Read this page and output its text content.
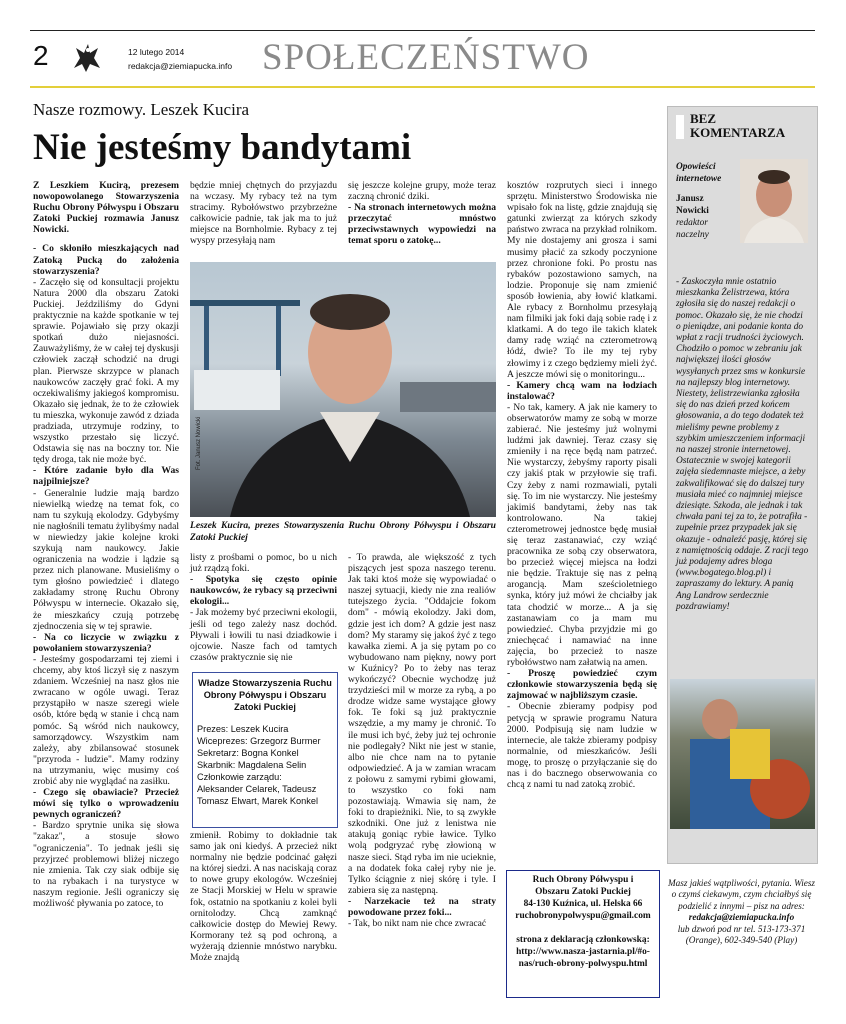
2	12 lutego 2014
redakcja@ziemiapucka.info SPOŁECZEŃSTWO
Nasze rozmowy. Leszek Kucira
Nie jesteśmy bandytami

Z Leszkiem Kucirą, prezesem nowopowolanego Stowarzyszenia Ruchu Obrony Półwyspu i Obszaru Zatoki Puckiej rozmawia Janusz Nowicki.

- Co skłoniło mieszkających nad Zatoką Pucką do założenia stowarzyszenia?

- Zaczęło się od konsultacji projektu Natura 2000 dla obszaru Zatoki Puckiej. Jeździliśmy do Gdyni praktycznie na każde spotkanie w tej sprawie. Pojawiało się przy okazji spotkań dużo niejasności. Zauważyliśmy, że w całej tej dyskusji człowiek zaczął schodzić na drugi plan. Pierwsze skrzypce w planach naukowców zaczęły grać foki. A my oczekiwaliśmy jakiegoś kompromisu. Okazało się jednak, że to że człowiek tu mieszka, wykonuje zawód z dziada pradziada, utrzymuje rodziny, to wszystko przestało się liczyć. Odstawia się nas na boczny tor. Nie tędy droga, tak nie może być.

- Które zadanie było dla Was najpilniejsze?

- Generalnie ludzie mają bardzo niewielką wiedzę na temat fok, co nam tu szykują ekolodzy. Gdybyśmy nie nagłośnili tematu żylibyśmy nadal w niewiedzy jakie kolejne kroki szykują nam naukowcy. Jakie ograniczenia na wodzie i lądzie są przez nich planowane. Musieliśmy o tym głośno powiedzieć i dlatego zakładamy stronę Ruchu Obrony Półwyspu w internecie. Okazało się, że mieszkańcy czują potrzebę zjednoczenia się w tej sprawie.

- Na co liczycie w związku z powołaniem stowarzyszenia?

- Jesteśmy gospodarzami tej ziemi i chcemy, aby ktoś liczył się z naszym zdaniem. Wcześniej na nasz głos nie zwracano w ogóle uwagi. Teraz przystąpiło w nasze szeregi wiele osób, które będą w stanie i chcą nam pomóc. Są wśród nich naukowcy, samorządowcy. Wszystkim nam zależy, aby zbilansować stosunek "przyroda - ludzie". Mamy rodziny na utrzymaniu, więc musimy coś zrobić aby nie wyglądać na zasiłku.

- Czego się obawiacie? Przecież mówi się tylko o wprowadzeniu pewnych ograniczeń?

- Bardzo sprytnie unika się słowa "zakaz", a stosuje słowo "ograniczenia". To jednak jeśli się przyjrzeć problemowi bliżej niczego nie zmienia. Tak czy siak odbije się to na rybakach i na turystyce w naszym regionie. Jeśli ograniczy się możliwość pływania po zatoce, to

będzie mniej chętnych do przyjazdu na wczasy. My rybacy też na tym stracimy. Rybołówstwo przybrzeżne całkowicie padnie, tak jak ma to już miejsce na Bornholmie. Rybacy z tej wyspy przesyłają nam

się jeszcze kolejne grupy, może teraz zaczną chronić dziki.

- Na stronach internetowych można przeczytać mnóstwo przeciwstawnych wypowiedzi na temat sporu o zatokę...

Fot. Janusz Nowicki
Leszek Kucira, prezes Stowarzyszenia Ruchu Obrony Półwyspu i Obszaru Zatoki Puckiej

listy z prośbami o pomoc, bo u nich już rządzą foki.

- Spotyka się często opinie naukowców, że rybacy są przeciwni ekologii...

- Jak możemy być przeciwni ekologii, jeśli od tego zależy nasz dochód. Pływali i łowili tu nasi dziadkowie i ojcowie. Nasze fach od tamtych czasów praktycznie się nie

Władze Stowarzyszenia Ruchu Obrony Półwyspu i Obszaru Zatoki Puckiej
Prezes: Leszek Kucira
Wiceprezes: Grzegorz Burmer
Sekretarz: Bogna Konkel
Skarbnik: Magdalena Selin
Członkowie zarządu:
Aleksander Celarek, Tadeusz
Tomasz Elwart, Marek Konkel

zmienił. Robimy to dokładnie tak samo jak oni kiedyś. A przecież nikt normalny nie będzie podcinać gałęzi na której siedzi. A nas naciskają coraz to nowe grupy ekologów. Wcześniej ze Stacji Morskiej w Helu w sprawie fok, ostatnio na spotkaniu z kolei byli ornitolodzy. Chcą zamknąć całkowicie dostęp do Mewiej Rewy. Kormorany też są pod ochroną, a wyżerają dziennie mnóstwo narybku. Może znajdą

- To prawda, ale większość z tych piszących jest spoza naszego terenu. Jak taki ktoś może się wypowiadać o naszej sytuacji, kiedy nie zna realiów tutejszego życia. "Oddajcie fokom dom" - mówią ekolodzy. Jaki dom, gdzie jest ich dom? A gdzie jest nasz dom? My staramy się jakoś żyć z tego kawałka ziemi. A ja się pytam po co wybudowano nam piękny, nowy port w Kuźnicy? Po to żeby nas teraz wykończyć? Obecnie wychodzę już trzydzieści mil w morze za rybą, a po drodze widze same wystające głowy fok. Te foki są już praktycznie wszędzie, a my mamy je chronić. To ile musi ich być, żeby już tej ochronie nie podlegały? Nikt nie jest w stanie, albo nie chce nam na to pytanie odpowiedzieć. A ja w zamian wracam z połowu z samymi rybimi głowami, to wszystko co foki nam pozostawiają. Wmawia się nam, że foki to drapieżniki. Nie, to są zwykłe szkodniki. One już z lenistwa nie atakują goniąc rybie ławice. Tylko wolą podgryzać rybę złowioną w nasze sieci. Stąd ryba im nie ucieknie, a na dodatek foka całej ryby nie je. Tylko ściągnie z niej skórę i tyle. I zabiera się za następną.

- Narzekacie też na straty powodowane przez foki...

- Tak, bo nikt nam nie chce zwracać

kosztów rozprutych sieci i innego sprzętu. Ministerstwo Środowiska nie wpisało fok na listę, gdzie znajdują się gatunki zwierząt za których szkody państwo zwraca na przykład rolnikom. My nie dostajemy ani grosza i sami musimy płacić za szkody poczynione przez chronione foki. Po prostu nas rybaków pozostawiono samych, na lodzie. Proponuje się nam zmienić sposób łowienia, aby łowić klatkami. Ale rybacy z Bornholmu przesyłają nam filmiki jak foki dają sobie radę i z klatkami. A do tego ile takich klatek damy radę wziąć na czterometrową łódź, dwie? To ile my tej ryby złowimy i z czego będziemy mieli żyć. A jeszcze mówi się o monitoringu...

- Kamery chcą wam na łodziach instalować?

- No tak, kamery. A jak nie kamery to obserwatorów mamy ze sobą w morze zabierać. Nie jesteśmy już wolnymi ludźmi jak dawniej. Teraz czasy się zmieniły i na ręce będą nam patrzeć. Nie wystarczy, żebyśmy raporty pisali czy jakiś ptak w przyłowie się trafi. Czy żeby z nami rozmawiali, pytali się. To im nie wystarczy. Nie jesteśmy jakimiś bandytami, żeby nas tak kontrolowano. Na takiej czterometrowej jednostce będę musiał się teraz zastanawiać, czy wziąć pracownika ze sobą czy obserwatora, bo przecież więcej miejsca na łodzi nie będzie. Traktuje się nas z pełną arogancją. Mam sześcioletniego synka, który już mówi że chciałby jak tata chodzić w morze... A ja się zastanawiam co ja mam mu powiedzieć. Chyba przyjdzie mi go zniechęcać i namawiać na inne zajęcia, bo przecież to nasze rybołówstwo nam załatwią na amen.

- Proszę powiedzieć czym członkowie stowarzyszenia będą się zajmować w najbliższym czasie.

- Obecnie zbieramy podpisy pod petycją w sprawie programu Natura 2000. Podpisują się nam ludzie w internecie, ale także zbieramy podpisy normalnie, od mieszkańców. Jeśli mogę, to proszę o przyłączanie się do nas i do bacznego obserwowania co chcą z nami tu nad zatoką zrobić.

Ruch Obrony Półwyspu i
Obszaru Zatoki Puckiej
84-130 Kuźnica, ul. Helska 66
ruchobronypolwyspu@gmail.com
strona z deklaracją członkowską:
http://www.nasza-jastarnia.pl/#o-
nas/ruch-obrony-polwyspu.html
BEZ
KOMENTARZA
Opowieści internetowe
Janusz Nowicki
redaktor naczelny
- Zaskoczyła mnie ostatnio mieszkanka Żelistrzewa, która zgłosiła się do naszej redakcji o pomoc. Okazało się, że nie chodzi o pieniądze, ani podanie konta do wpłat z racji trudności życiowych. Chodziło o pomoc w zebraniu jak największej ilości głosów wysyłanych przez sms w konkursie na najlepszy blog internetowy. Niestety, żelistrzewianka zgłosiła się do nas dzień przed końcem głosowania, a do tego dodatek też mieliśmy pewne problemy z szybkim umieszczeniem informacji na naszej stronie internetowej. Ostatecznie w swojej kategorii zajęła siedemnaste miejsce, a żeby zakwalifikować się do dalszej tury musiała mieć co najmniej miejsce dziesiąte. Szkoda, ale jednak i tak chwała pani tej za to, że potrafiła - zupełnie przez przypadek jak się okazuje - odnaleźć pasję, której się z namiętnością oddaje. Z racji tego już podajemy adres bloga (www.bogatego.blog.pl) i zapraszamy do lektury. A panią Ang Landrow serdecznie pozdrawiamy!
Masz jakieś wątpliwości, pytania. Wiesz o czymś ciekawym, czym chciałbyś się podzielić z innymi – pisz na adres:
redakcja@ziemiapucka.info
lub dzwoń pod nr tel. 513-173-371 (Orange), 602-349-540 (Play)
